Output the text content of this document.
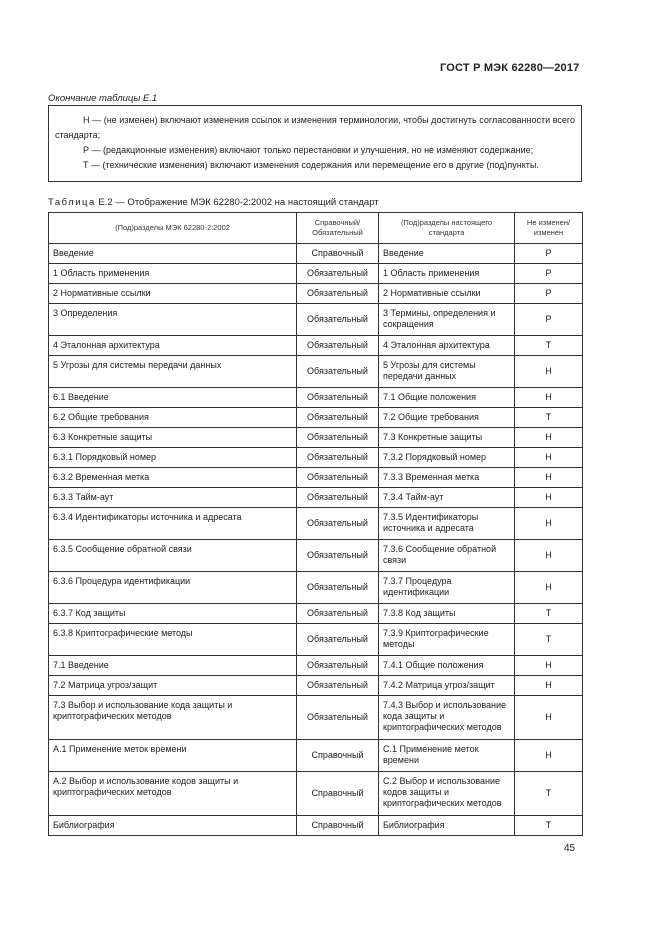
ГОСТ Р МЭК 62280—2017
Окончание таблицы Е.1

Н — (не изменен) включают изменения ссылок и изменения терминологии, чтобы достигнуть согласованности всего стандарта;

Р — (редакционные изменения) включают только перестановки и улучшения, но не изменяют содержание;

Т — (технические изменения) включают изменения содержания или перемещение его в другие (под)пункты.

Таблица Е.2 — Отображение МЭК 62280-2:2002 на настоящий стандарт
(Под)разделы МЭК 62280-2:2002	Справочный/ Обязательный	(Под)разделы настоящего стандарта	Не изменен/ изменен
Введение	Справочный	Введение	Р
1 Область применения	Обязательный	1 Область применения	Р
2 Нормативные ссылки	Обязательный	2 Нормативные ссылки	Р
3 Определения	Обязательный	3 Термины, определения и сокращения	Р
4 Эталонная архитектура	Обязательный	4 Эталонная архитектура	Т
5 Угрозы для системы передачи данных	Обязательный	5 Угрозы для системы передачи данных	Н
6.1 Введение	Обязательный	7.1 Общие положения	Н
6.2 Общие требования	Обязательный	7.2 Общие требования	Т
6.3 Конкретные защиты	Обязательный	7.3 Конкретные защиты	Н
6.3.1 Порядковый номер	Обязательный	7.3.2 Порядковый номер	Н
6.3.2 Временная метка	Обязательный	7.3.3 Временная метка	Н
6.3.3 Тайм-аут	Обязательный	7.3.4 Тайм-аут	Н
6.3.4 Идентификаторы источника и адресата	Обязательный	7.3.5 Идентификаторы источника и адресата	Н
6.3.5 Сообщение обратной связи	Обязательный	7.3.6 Сообщение обратной связи	Н
6.3.6 Процедура идентификации	Обязательный	7.3.7 Процедура идентификации	Н
6.3.7 Код защиты	Обязательный	7.3.8 Код защиты	Т
6.3.8 Криптографические методы	Обязательный	7.3.9 Криптографические методы	Т
7.1 Введение	Обязательный	7.4.1 Общие положения	Н
7.2 Матрица угроз/защит	Обязательный	7.4.2 Матрица угроз/защит	Н
7.3 Выбор и использование кода защиты и криптографических методов	Обязательный	7.4.3 Выбор и использование кода защиты и криптографических методов	Н
А.1 Применение меток времени	Справочный	С.1 Применение меток времени	Н
А.2 Выбор и использование кодов защиты и криптографических методов	Справочный	С.2 Выбор и использование кодов защиты и криптографических методов	Т
Библиография	Справочный	Библиография	Т
45
